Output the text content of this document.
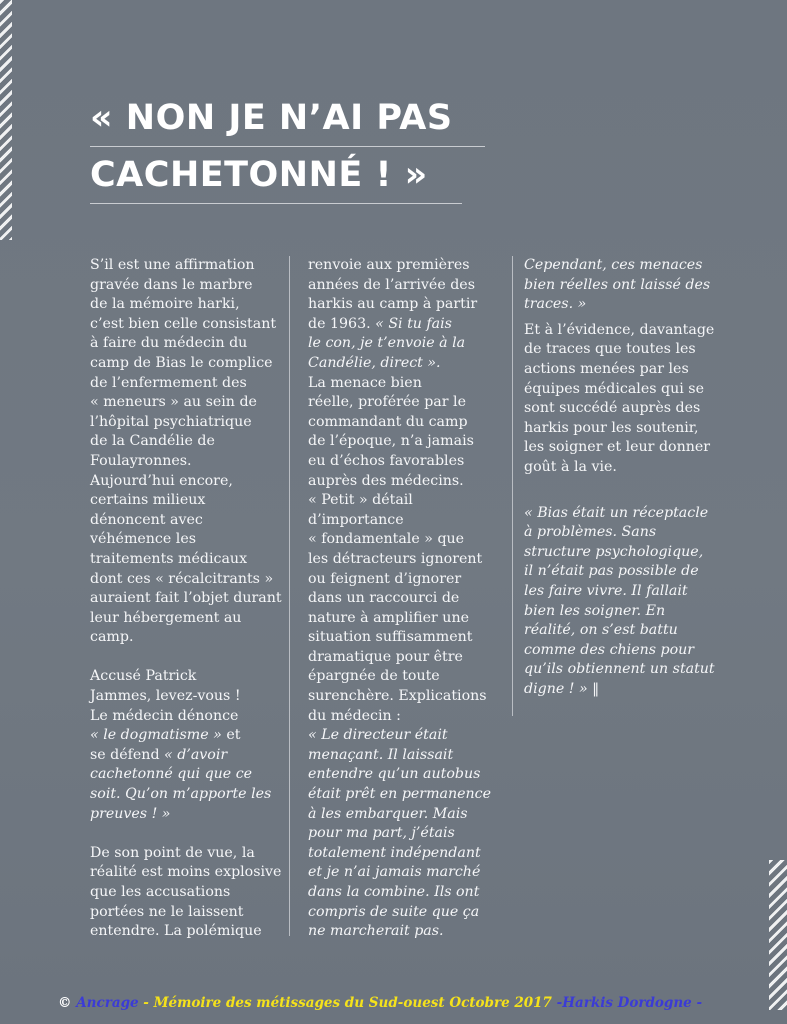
« NON JE N’AI PAS
CACHETONNÉ ! »
S’il est une affirmation
gravée dans le marbre
de la mémoire harki,
c’est bien celle consistant
à faire du médecin du
camp de Bias le complice
de l’enfermement des
« meneurs » au sein de
l’hôpital psychiatrique
de la Candélie de
Foulayronnes.
Aujourd’hui encore,
certains milieux
dénoncent avec
véhémence les
traitements médicaux
dont ces « récalcitrants »
auraient fait l’objet durant
leur hébergement au
camp.
Accusé Patrick
Jammes, levez-vous !
Le médecin dénonce
« le dogmatisme » et
se défend « d’avoir
cachetonné qui que ce
soit. Qu’on m’apporte les
preuves ! »
De son point de vue, la
réalité est moins explosive
que les accusations
portées ne le laissent
entendre. La polémique
renvoie aux premières
années de l’arrivée des
harkis au camp à partir
de 1963. « Si tu fais
le con, je t’envoie à la
Candélie, direct ».
La menace bien
réelle, proférée par le
commandant du camp
de l’époque, n’a jamais
eu d’échos favorables
auprès des médecins.
« Petit » détail
d’importance
« fondamentale » que
les détracteurs ignorent
ou feignent d’ignorer
dans un raccourci de
nature à amplifier une
situation suffisamment
dramatique pour être
épargnée de toute
surenchère. Explications
du médecin :
« Le directeur était
menaçant. Il laissait
entendre qu’un autobus
était prêt en permanence
à les embarquer. Mais
pour ma part, j’étais
totalement indépendant
et je n’ai jamais marché
dans la combine. Ils ont
compris de suite que ça
ne marcherait pas.
Cependant, ces menaces
bien réelles ont laissé des
traces. »
Et à l’évidence, davantage
de traces que toutes les
actions menées par les
équipes médicales qui se
sont succédé auprès des
harkis pour les soutenir,
les soigner et leur donner
goût à la vie.
« Bias était un réceptacle
à problèmes. Sans
structure psychologique,
il n’était pas possible de
les faire vivre. Il fallait
bien les soigner. En
réalité, on s’est battu
comme des chiens pour
qu’ils obtiennent un statut
digne ! » ‖
© Ancrage - Mémoire des métissages du Sud-ouest Octobre 2017 -Harkis Dordogne -
